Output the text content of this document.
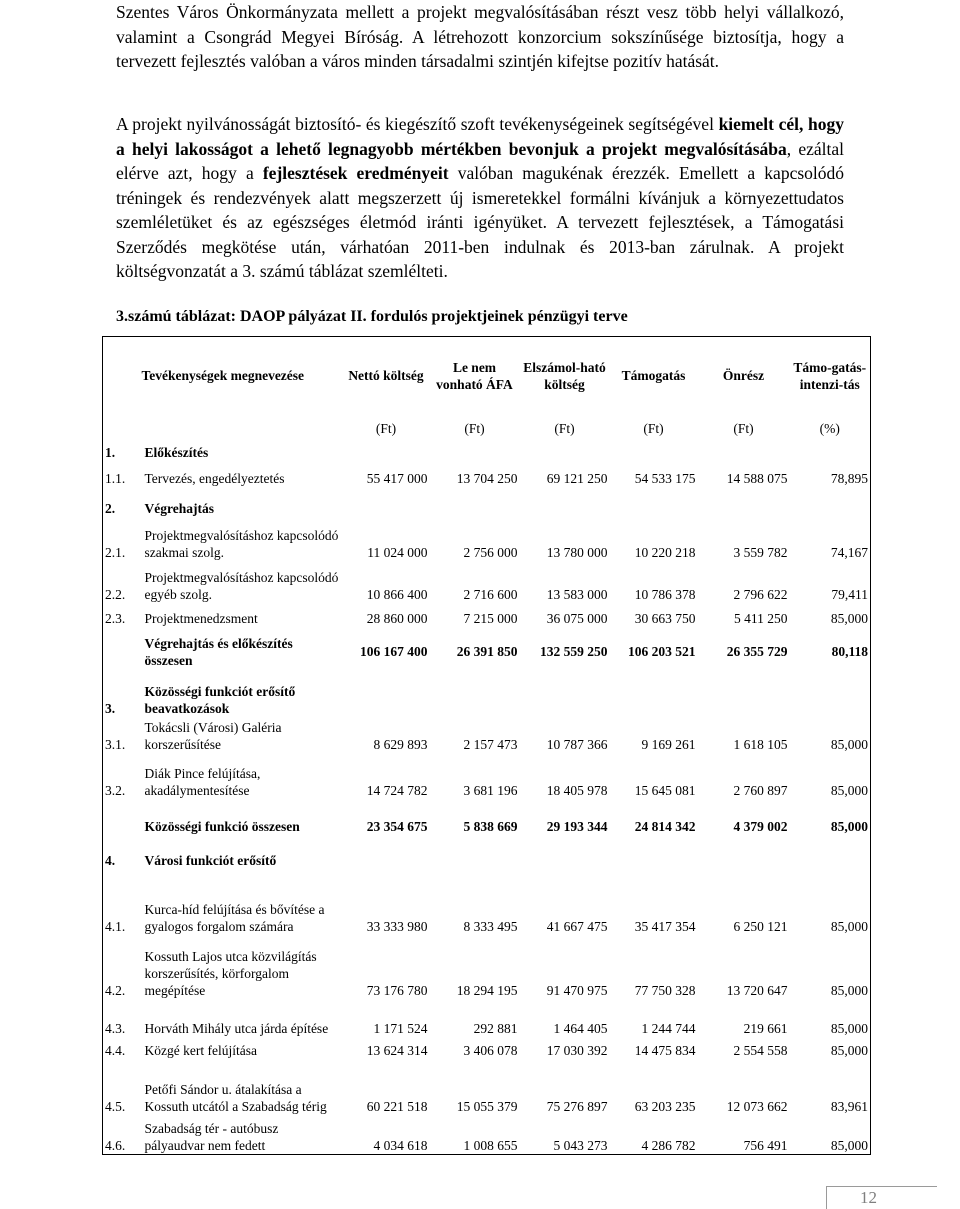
Szentes Város Önkormányzata mellett a projekt megvalósításában részt vesz több helyi vállalkozó, valamint a Csongrád Megyei Bíróság. A létrehozott konzorcium sokszínűsége biztosítja, hogy a tervezett fejlesztés valóban a város minden társadalmi szintjén kifejtse pozitív hatását.

A projekt nyilvánosságát biztosító- és kiegészítő szoft tevékenységeinek segítségével kiemelt cél, hogy a helyi lakosságot a lehető legnagyobb mértékben bevonjuk a projekt megvalósításába, ezáltal elérve azt, hogy a fejlesztések eredményeit valóban magukénak érezzék. Emellett a kapcsolódó tréningek és rendezvények alatt megszerzett új ismeretekkel formálni kívánjuk a környezettudatos szemléletüket és az egészséges életmód iránti igényüket. A tervezett fejlesztések, a Támogatási Szerződés megkötése után, várhatóan 2011-ben indulnak és 2013-ban zárulnak. A projekt költségvonzatát a 3. számú táblázat szemlélteti.

3.számú táblázat: DAOP pályázat II. fordulós projektjeinek pénzügyi terve
Tevékenységek megnevezése		Nettó költség	Le nem vonható ÁFA	Elszámol-ható költség	Támogatás	Önrész	Támo-gatás-intenzi-tás
		(Ft)	(Ft)	(Ft)	(Ft)	(Ft)	(%)
1.	Előkészítés						
1.1.	Tervezés, engedélyeztetés	55 417 000	13 704 250	69 121 250	54 533 175	14 588 075	78,895
2.	Végrehajtás						
2.1.	Projektmegvalósításhoz kapcsolódó szakmai szolg.	11 024 000	2 756 000	13 780 000	10 220 218	3 559 782	74,167
2.2.	Projektmegvalósításhoz kapcsolódó egyéb szolg.	10 866 400	2 716 600	13 583 000	10 786 378	2 796 622	79,411
2.3.	Projektmenedzsment	28 860 000	7 215 000	36 075 000	30 663 750	5 411 250	85,000
	Végrehajtás és előkészítés összesen	106 167 400	26 391 850	132 559 250	106 203 521	26 355 729	80,118
3.	Közösségi funkciót erősítő beavatkozások						
3.1.	Tokácsli (Városi) Galéria korszerűsítése	8 629 893	2 157 473	10 787 366	9 169 261	1 618 105	85,000
3.2.	Diák Pince felújítása, akadálymentesítése	14 724 782	3 681 196	18 405 978	15 645 081	2 760 897	85,000
	Közösségi funkció összesen	23 354 675	5 838 669	29 193 344	24 814 342	4 379 002	85,000
4.	Városi funkciót erősítő						
4.1.	Kurca-híd felújítása és bővítése a gyalogos forgalom számára	33 333 980	8 333 495	41 667 475	35 417 354	6 250 121	85,000
4.2.	Kossuth Lajos utca közvilágítás korszerűsítés, körforgalom megépítése	73 176 780	18 294 195	91 470 975	77 750 328	13 720 647	85,000
4.3.	Horváth Mihály utca járda építése	1 171 524	292 881	1 464 405	1 244 744	219 661	85,000
4.4.	Közgé kert felújítása	13 624 314	3 406 078	17 030 392	14 475 834	2 554 558	85,000
4.5.	Petőfi Sándor u. átalakítása a Kossuth utcától a Szabadság térig	60 221 518	15 055 379	75 276 897	63 203 235	12 073 662	83,961
4.6.	Szabadság tér - autóbusz pályaudvar nem fedett	4 034 618	1 008 655	5 043 273	4 286 782	756 491	85,000
12
